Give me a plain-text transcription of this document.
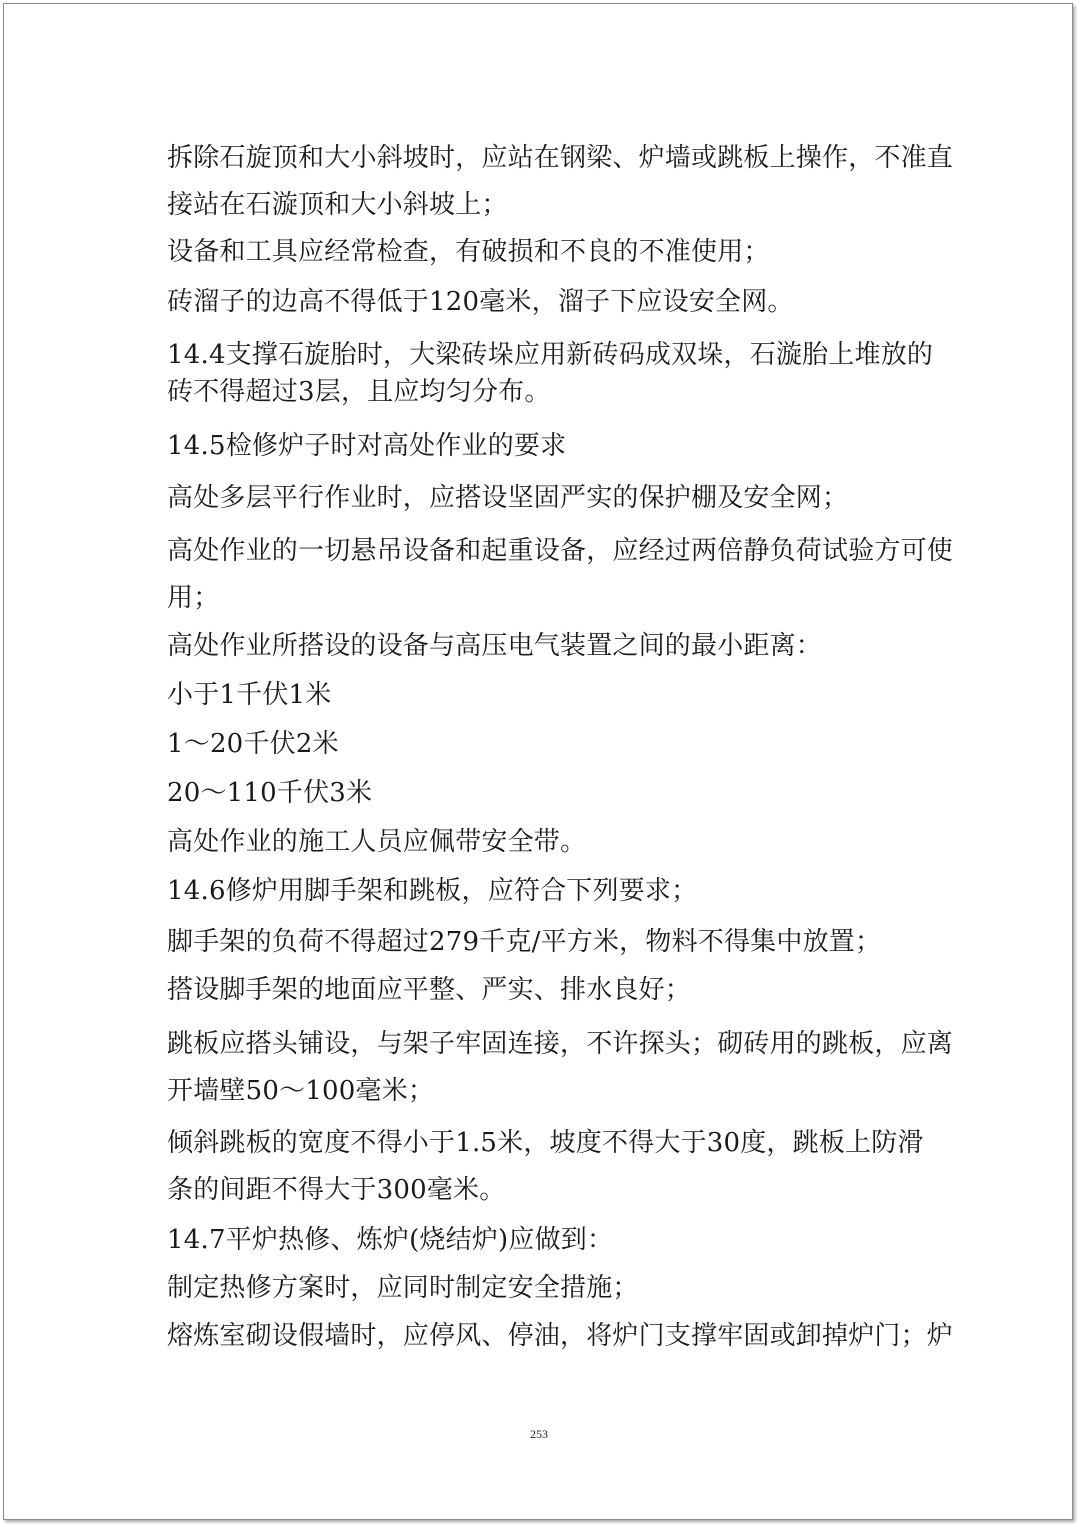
拆除石旋顶和大小斜坡时，应站在钢梁、炉墙或跳板上操作，不准直
接站在石漩顶和大小斜坡上；
设备和工具应经常检查，有破损和不良的不准使用；
砖溜子的边高不得低于120毫米，溜子下应设安全网。
14.4支撑石旋胎时，大梁砖垛应用新砖码成双垛，石漩胎上堆放的
砖不得超过3层，且应均匀分布。
14.5检修炉子时对高处作业的要求
高处多层平行作业时，应搭设坚固严实的保护棚及安全网；
高处作业的一切悬吊设备和起重设备，应经过两倍静负荷试验方可使
用；
高处作业所搭设的设备与高压电气装置之间的最小距离：
小于1千伏1米
1～20千伏2米
20～110千伏3米
高处作业的施工人员应佩带安全带。
14.6修炉用脚手架和跳板，应符合下列要求；
脚手架的负荷不得超过279千克/平方米，物料不得集中放置；
搭设脚手架的地面应平整、严实、排水良好；
跳板应搭头铺设，与架子牢固连接，不许探头；砌砖用的跳板，应离
开墙壁50～100毫米；
倾斜跳板的宽度不得小于1.5米，坡度不得大于30度，跳板上防滑
条的间距不得大于300毫米。
14.7平炉热修、炼炉(烧结炉)应做到：
制定热修方案时，应同时制定安全措施；
熔炼室砌设假墙时，应停风、停油，将炉门支撑牢固或卸掉炉门；炉
253
